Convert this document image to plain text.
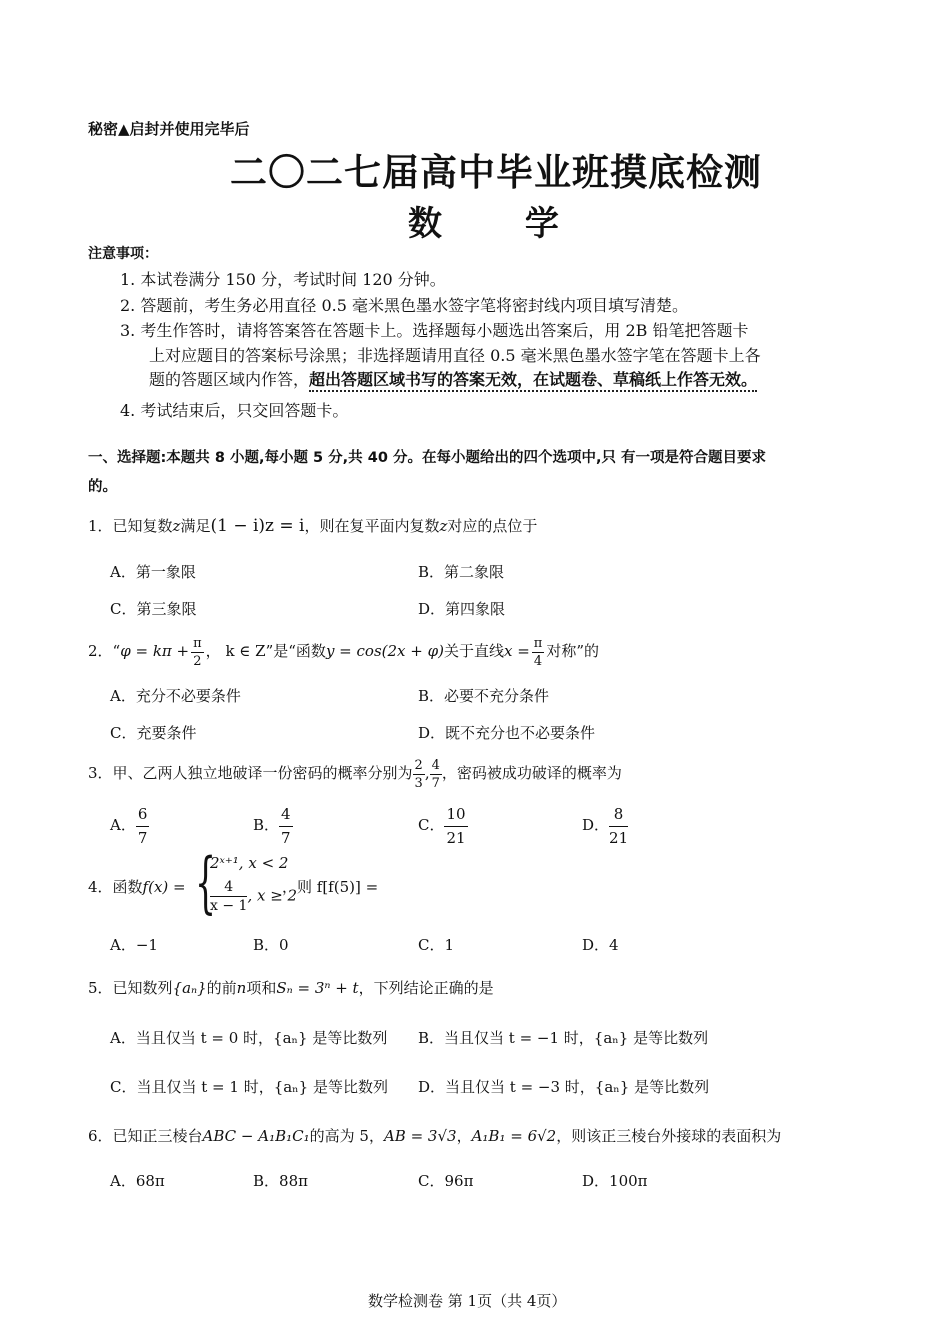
秘密▲启封并使用完毕后
二〇二七届高中毕业班摸底检测
数       学
注意事项：
1. 本试卷满分 150 分，考试时间 120 分钟。
2. 答题前，考生务必用直径 0.5 毫米黑色墨水签字笔将密封线内项目填写清楚。
3. 考生作答时，请将答案答在答题卡上。选择题每小题选出答案后，用 2B 铅笔把答题卡
上对应题目的答案标号涂黑；非选择题请用直径 0.5 毫米黑色墨水签字笔在答题卡上各
题的答题区域内作答，超出答题区域书写的答案无效，在试题卷、草稿纸上作答无效。
4. 考试结束后，只交回答题卡。
一、选择题:本题共 8 小题,每小题 5 分,共 40 分。在每小题给出的四个选项中,只 有一项是符合题目要求
的。
1．已知复数z满足(1 − i)z = i，则在复平面内复数z对应的点位于
A．第一象限	B．第二象限
C．第三象限	D．第四象限
2．“$\varphi = k\pi + \frac{\pi}{2}$ ， k ∈ Z”是“函数y = cos(2x + φ)关于直线$x = \frac{\pi}{4}$ 对称”的
A．充分不必要条件	B．必要不充分条件
C．充要条件	D．既不充分也不必要条件
3．甲、乙两人独立地破译一份密码的概率分别为 $\frac{2}{3}$ , $\frac{4}{7}$ ，密码被成功破译的概率为
A． $\frac{6}{7}$	B． $\frac{4}{7}$	C． $\frac{10}{21}$	D． $\frac{8}{21}$
4．函数f(x) = {
2ˣ⁺¹, x < 2
$\frac{4}{x - 1}$ , x ≥ 2
，则 f[f(5)] =
A．−1	B．0	C．1	D．4
5．已知数列{aₙ}的前n项和Sₙ = 3ⁿ + t，下列结论正确的是
A．当且仅当 t = 0 时，{aₙ} 是等比数列 B．当且仅当 t = −1 时，{aₙ} 是等比数列
C．当且仅当 t = 1 时，{aₙ} 是等比数列 D．当且仅当 t = −3 时，{aₙ} 是等比数列
6．已知正三棱台ABC − A₁B₁C₁的高为 5，AB = 3√3，A₁B₁ = 6√2，则该正三棱台外接球的表面积为
A．68π	B．88π	C．96π	D．100π
数学检测卷 第 1页（共 4页）
